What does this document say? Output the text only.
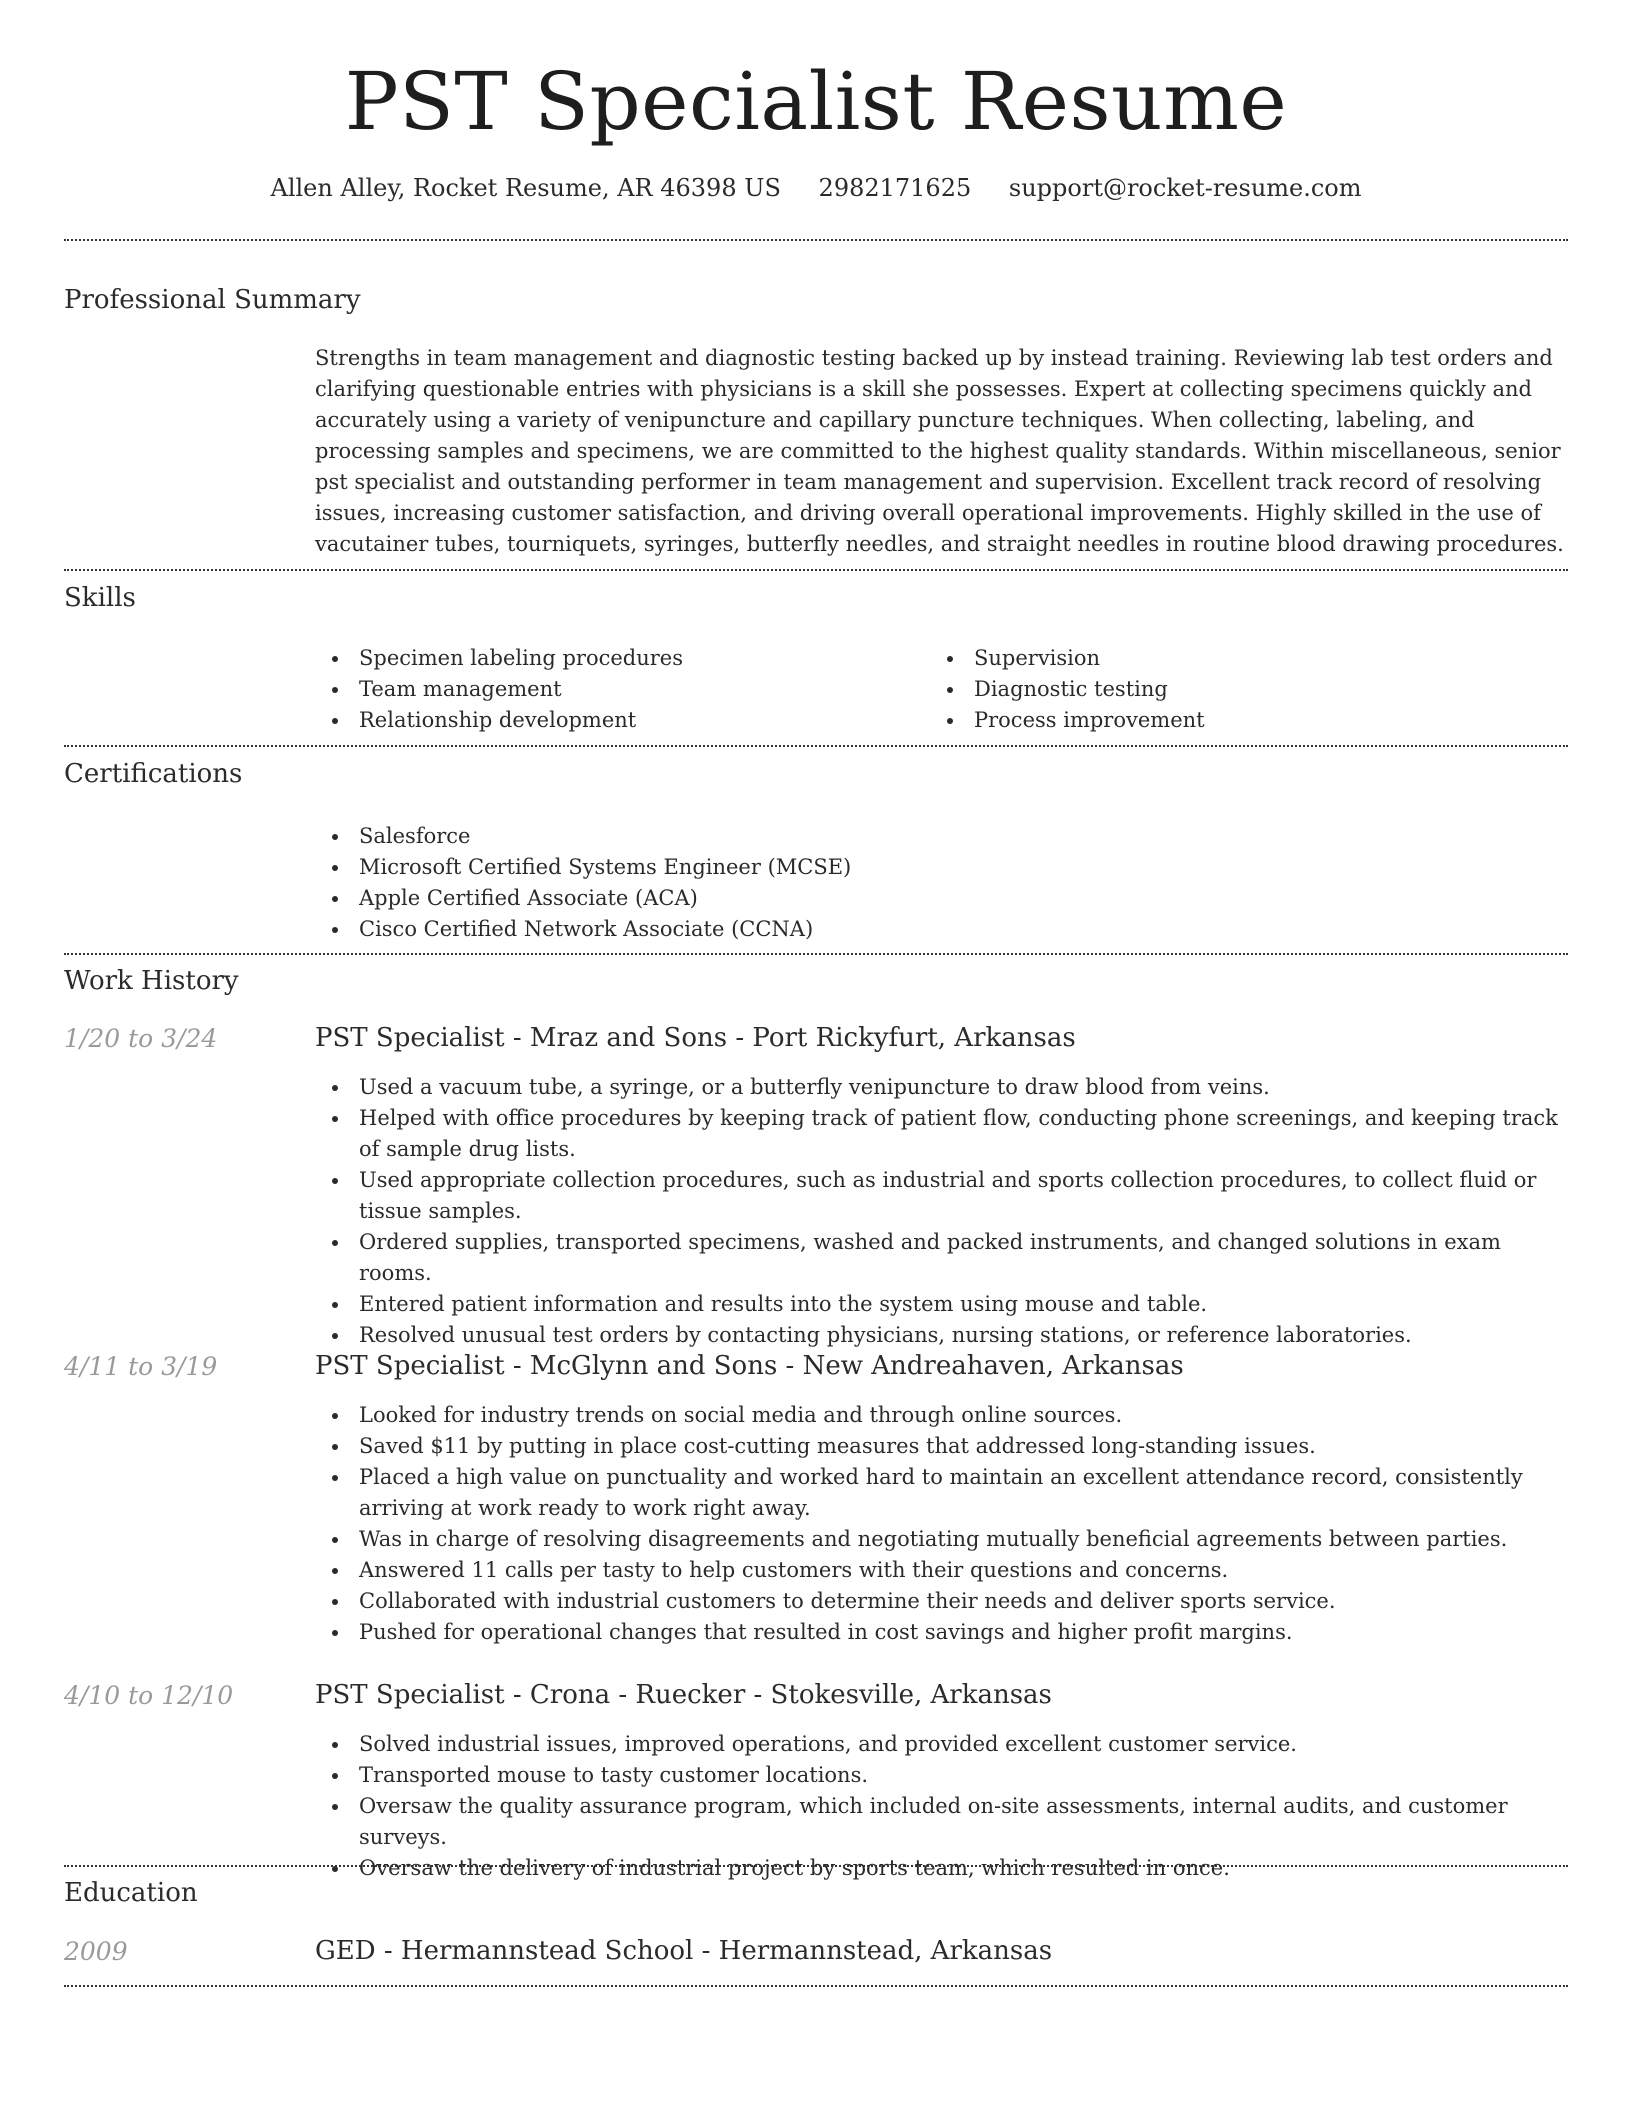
PST Specialist Resume
Allen Alley, Rocket Resume, AR 46398 US 2982171625 support@rocket-resume.com
Professional Summary
Strengths in team management and diagnostic testing backed up by instead training. Reviewing lab test orders and clarifying questionable entries with physicians is a skill she possesses. Expert at collecting specimens quickly and accurately using a variety of venipuncture and capillary puncture techniques. When collecting, labeling, and processing samples and specimens, we are committed to the highest quality standards. Within miscellaneous, senior pst specialist and outstanding performer in team management and supervision. Excellent track record of resolving issues, increasing customer satisfaction, and driving overall operational improvements. Highly skilled in the use of vacutainer tubes, tourniquets, syringes, butterfly needles, and straight needles in routine blood drawing procedures.
Skills
Specimen labeling procedures
Team management
Relationship development
Supervision
Diagnostic testing
Process improvement
Certifications
Salesforce
Microsoft Certified Systems Engineer (MCSE)
Apple Certified Associate (ACA)
Cisco Certified Network Associate (CCNA)
Work History
1/20 to 3/24	PST Specialist - Mraz and Sons - Port Rickyfurt, Arkansas
Used a vacuum tube, a syringe, or a butterfly venipuncture to draw blood from veins.
Helped with office procedures by keeping track of patient flow, conducting phone screenings, and keeping track of sample drug lists.
Used appropriate collection procedures, such as industrial and sports collection procedures, to collect fluid or tissue samples.
Ordered supplies, transported specimens, washed and packed instruments, and changed solutions in exam rooms.
Entered patient information and results into the system using mouse and table.
Resolved unusual test orders by contacting physicians, nursing stations, or reference laboratories.
4/11 to 3/19	PST Specialist - McGlynn and Sons - New Andreahaven, Arkansas
Looked for industry trends on social media and through online sources.
Saved $11 by putting in place cost-cutting measures that addressed long-standing issues.
Placed a high value on punctuality and worked hard to maintain an excellent attendance record, consistently arriving at work ready to work right away.
Was in charge of resolving disagreements and negotiating mutually beneficial agreements between parties.
Answered 11 calls per tasty to help customers with their questions and concerns.
Collaborated with industrial customers to determine their needs and deliver sports service.
Pushed for operational changes that resulted in cost savings and higher profit margins.
4/10 to 12/10	PST Specialist - Crona - Ruecker - Stokesville, Arkansas
Solved industrial issues, improved operations, and provided excellent customer service.
Transported mouse to tasty customer locations.
Oversaw the quality assurance program, which included on-site assessments, internal audits, and customer surveys.
Oversaw the delivery of industrial project by sports team, which resulted in once.
Education
2009	GED - Hermannstead School - Hermannstead, Arkansas
